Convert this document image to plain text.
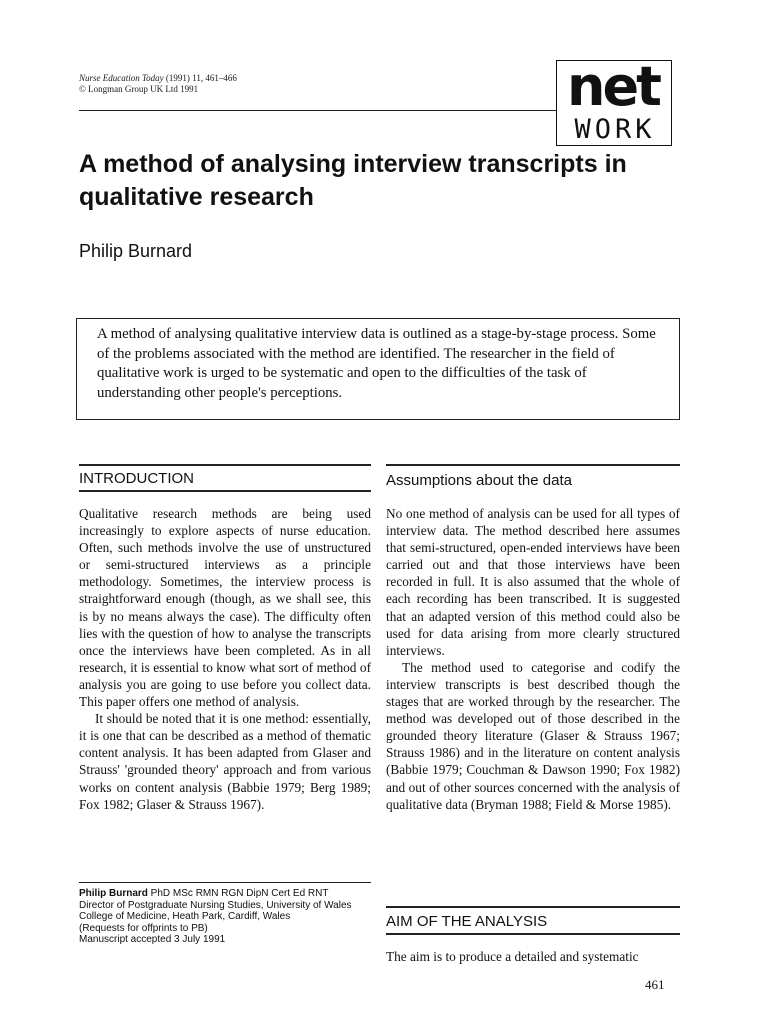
Nurse Education Today (1991) 11, 461–466
© Longman Group UK Ltd 1991	net
WORK
A method of analysing interview transcripts in qualitative research
Philip Burnard
A method of analysing qualitative interview data is outlined as a stage-by-stage process. Some of the problems associated with the method are identified. The researcher in the field of qualitative work is urged to be systematic and open to the difficulties of the task of understanding other people's perceptions.
INTRODUCTION

Qualitative research methods are being used increasingly to explore aspects of nurse education. Often, such methods involve the use of unstructured or semi-structured interviews as a principle methodology. Sometimes, the interview process is straightforward enough (though, as we shall see, this is by no means always the case). The difficulty often lies with the question of how to analyse the transcripts once the interviews have been completed. As in all research, it is essential to know what sort of method of analysis you are going to use before you collect data. This paper offers one method of analysis.

It should be noted that it is one method: essentially, it is one that can be described as a method of thematic content analysis. It has been adapted from Glaser and Strauss' 'grounded theory' approach and from various works on content analysis (Babbie 1979; Berg 1989; Fox 1982; Glaser & Strauss 1967).

Philip Burnard PhD MSc RMN RGN DipN Cert Ed RNT
Director of Postgraduate Nursing Studies, University of Wales College of Medicine, Heath Park, Cardiff, Wales
(Requests for offprints to PB)
Manuscript accepted 3 July 1991
Assumptions about the data

No one method of analysis can be used for all types of interview data. The method described here assumes that semi-structured, open-ended interviews have been carried out and that those interviews have been recorded in full. It is also assumed that the whole of each recording has been transcribed. It is suggested that an adapted version of this method could also be used for data arising from more clearly structured interviews.

The method used to categorise and codify the interview transcripts is best described though the stages that are worked through by the researcher. The method was developed out of those described in the grounded theory literature (Glaser & Strauss 1967; Strauss 1986) and in the literature on content analysis (Babbie 1979; Couchman & Dawson 1990; Fox 1982) and out of other sources concerned with the analysis of qualitative data (Bryman 1988; Field & Morse 1985).

AIM OF THE ANALYSIS
The aim is to produce a detailed and systematic
461
